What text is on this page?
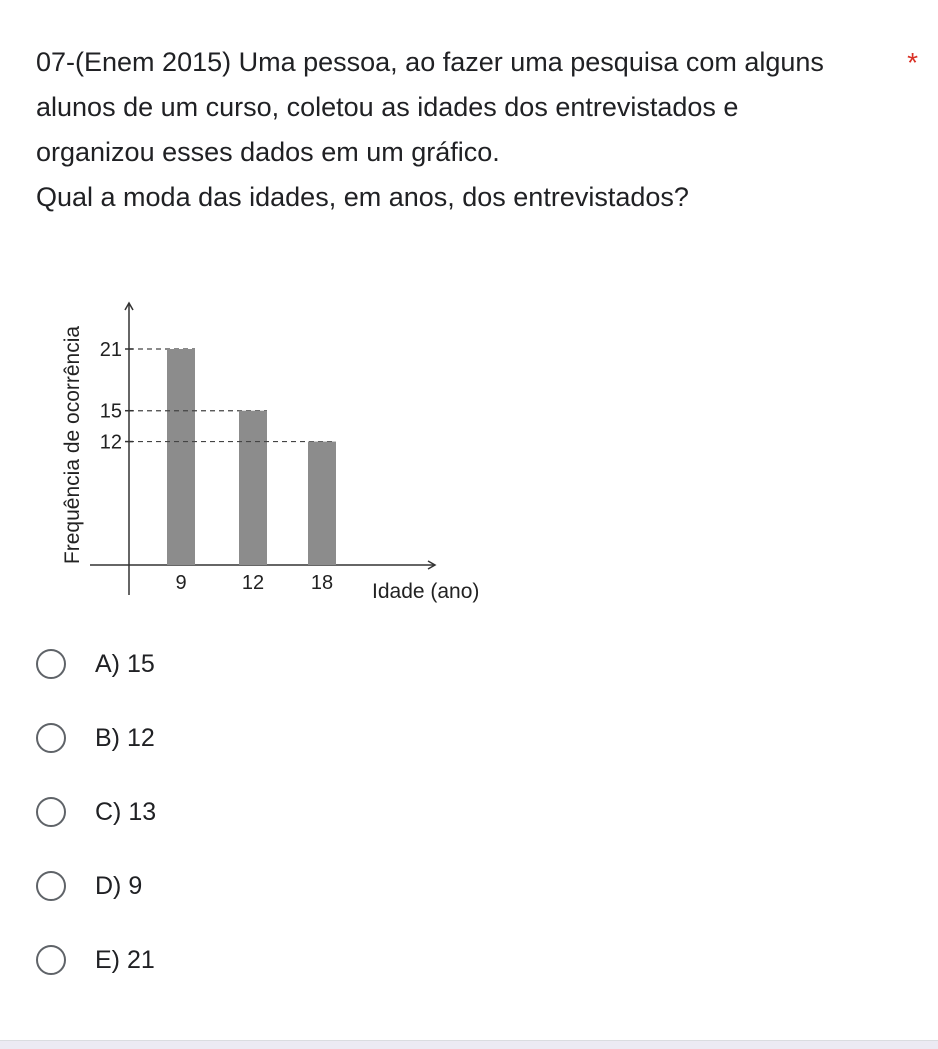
07-(Enem 2015) Uma pessoa, ao fazer uma pesquisa com alguns

alunos de um curso, coletou as idades dos entrevistados e

organizou esses dados em um gráfico.

Qual a moda das idades, em anos, dos entrevistados?

*
21
9
15
12
12
18 Idade (ano)
Frequência de ocorrência
A) 15
B) 12
C) 13
D) 9
E) 21
